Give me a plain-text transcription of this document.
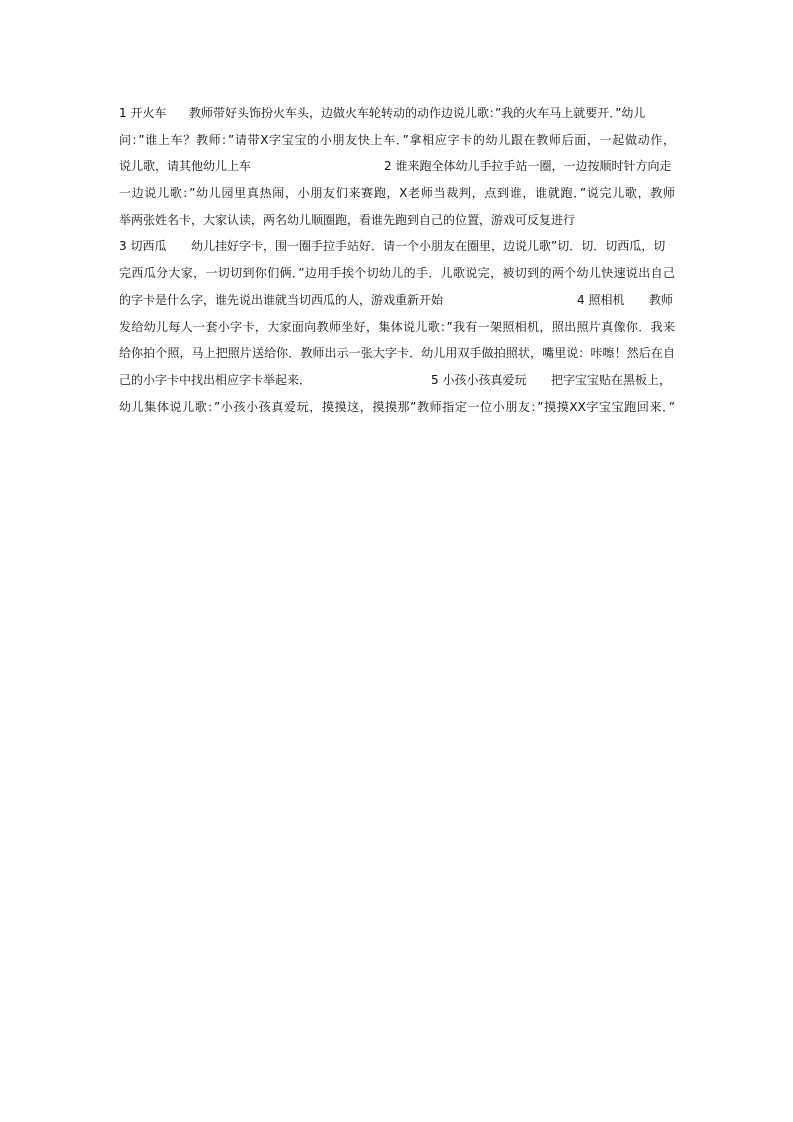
1 开火车 教师带好头饰扮火车头，边做火车轮转动的动作边说儿歌：”我的火车马上就要开．”幼儿
问：”谁上车？教师：”请带X字宝宝的小朋友快上车．”拿相应字卡的幼儿跟在教师后面，一起做动作，
说儿歌，请其他幼儿上车	2 谁来跑全体幼儿手拉手站一圈，一边按顺时针方向走
一边说儿歌：”幼儿园里真热闹，小朋友们来赛跑，X老师当裁判，点到谁，谁就跑．”说完儿歌，教师
举两张姓名卡，大家认读，两名幼儿顺圈跑，看谁先跑到自己的位置，游戏可反复进行
3 切西瓜 幼儿挂好字卡，围一圈手拉手站好．请一个小朋友在圈里，边说儿歌”切．切．切西瓜，切
完西瓜分大家，一切切到你们俩．”边用手挨个切幼儿的手．儿歌说完，被切到的两个幼儿快速说出自己
的字卡是什么字，谁先说出谁就当切西瓜的人，游戏重新开始	4 照相机 教师
发给幼儿每人一套小字卡，大家面向教师坐好，集体说儿歌：”我有一架照相机，照出照片真像你．我来
给你拍个照，马上把照片送给你．教师出示一张大字卡．幼儿用双手做拍照状，嘴里说：咔嚓！然后在自
己的小字卡中找出相应字卡举起来．	5 小孩小孩真爱玩 把字宝宝贴在黑板上，
幼儿集体说儿歌：”小孩小孩真爱玩，摸摸这，摸摸那”教师指定一位小朋友：”摸摸XX字宝宝跑回来．”
